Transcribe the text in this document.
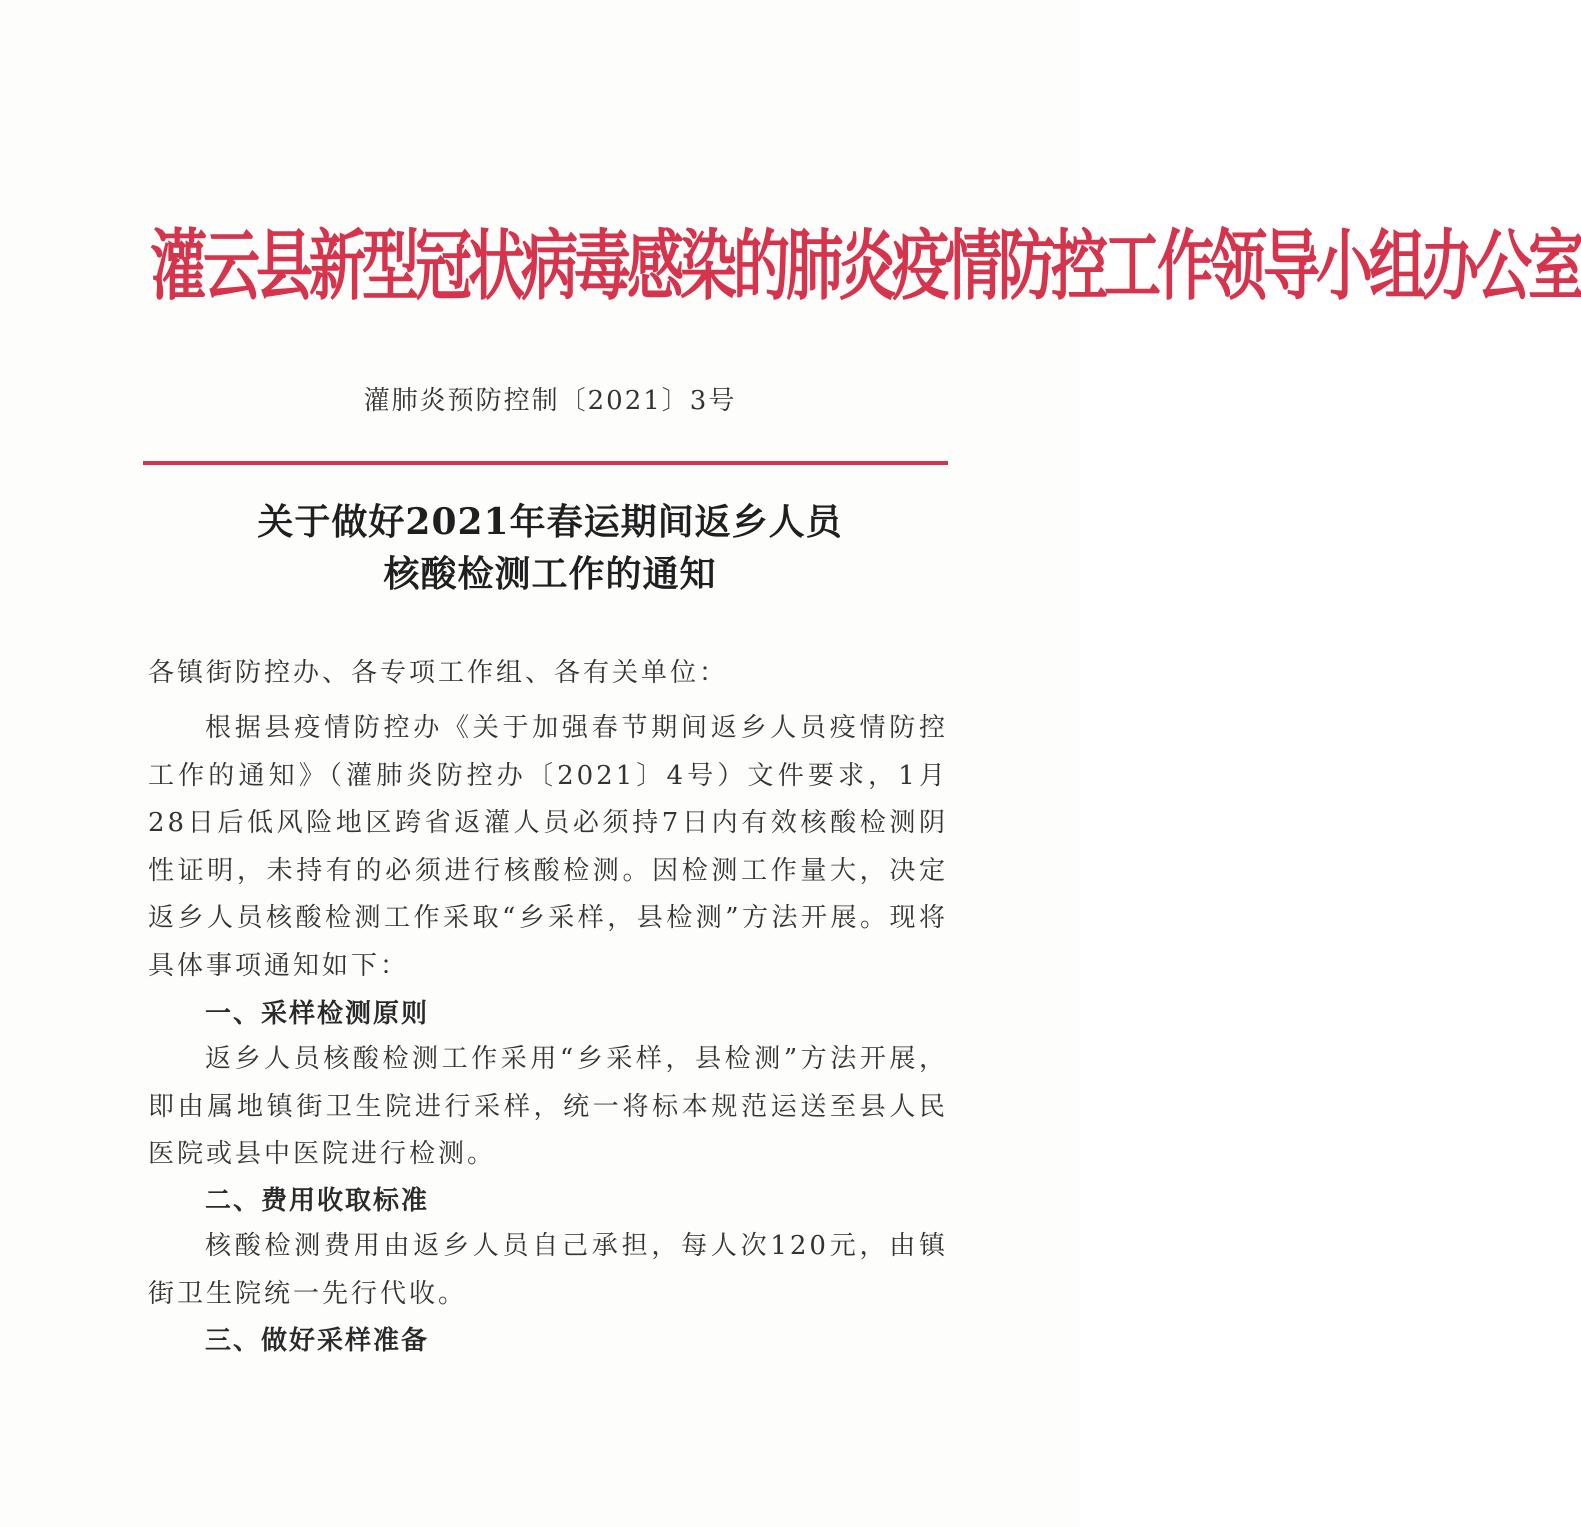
灌云县新型冠状病毒感染的肺炎疫情防控工作领导小组办公室
灌肺炎预防控制〔2021〕3号
关于做好2021年春运期间返乡人员
核酸检测工作的通知
各镇街防控办、各专项工作组、各有关单位：
根据县疫情防控办《关于加强春节期间返乡人员疫情防控工作的通知》（灌肺炎防控办〔2021〕4号）文件要求，1月28日后低风险地区跨省返灌人员必须持7日内有效核酸检测阴性证明，未持有的必须进行核酸检测。因检测工作量大，决定返乡人员核酸检测工作采取“乡采样，县检测”方法开展。现将具体事项通知如下：
一、采样检测原则
返乡人员核酸检测工作采用“乡采样，县检测”方法开展，即由属地镇街卫生院进行采样，统一将标本规范运送至县人民医院或县中医院进行检测。
二、费用收取标准
核酸检测费用由返乡人员自己承担，每人次120元，由镇街卫生院统一先行代收。
三、做好采样准备
